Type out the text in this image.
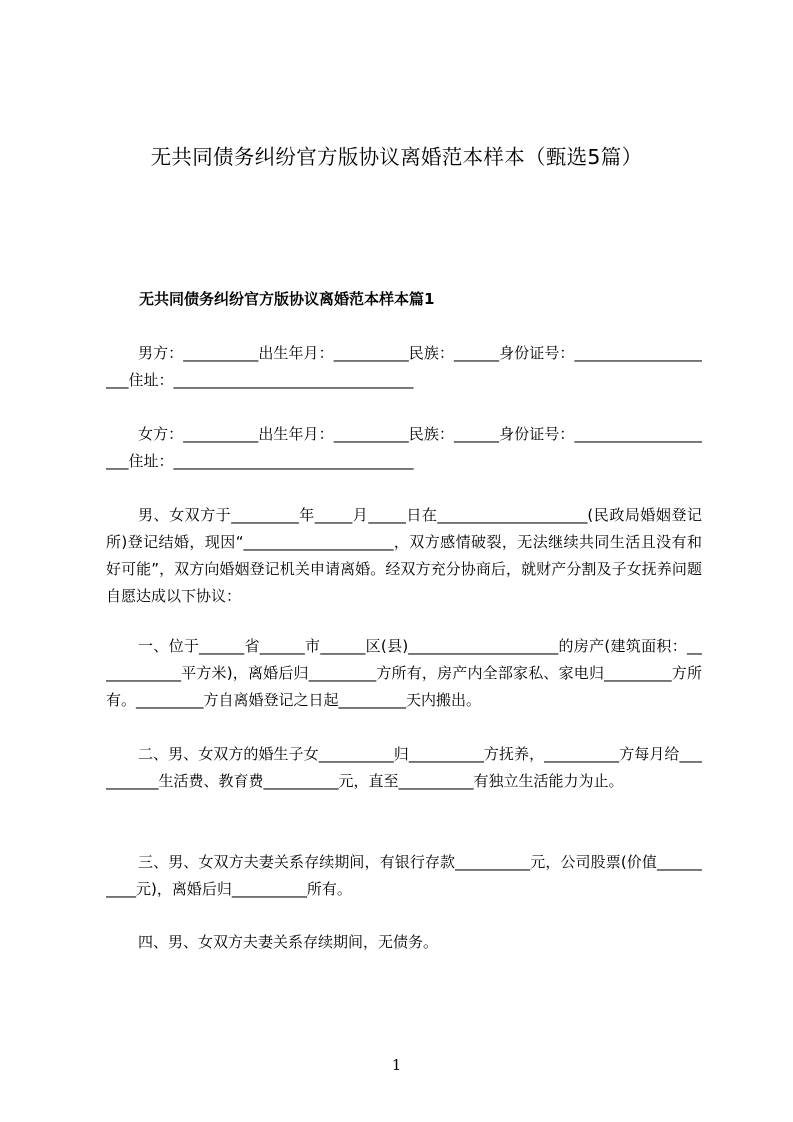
无共同债务纠纷官方版协议离婚范本样本（甄选5篇）
无共同债务纠纷官方版协议离婚范本样本篇1

男方：__________出生年月：__________民族：______身份证号：____________________住址：________________________________

女方：__________出生年月：__________民族：______身份证号：____________________住址：________________________________

男、女双方于_________年_____月_____日在____________________(民政局婚姻登记所)登记结婚，现因“____________________，双方感情破裂，无法继续共同生活且没有和好可能”，双方向婚姻登记机关申请离婚。经双方充分协商后，就财产分割及子女抚养问题自愿达成以下协议：

一、位于______省______市______区(县)____________________的房产(建筑面积：____________平方米)，离婚后归_________方所有，房产内全部家私、家电归_________方所有。_________方自离婚登记之日起_________天内搬出。

二、男、女双方的婚生子女__________归__________方抚养，__________方每月给__________生活费、教育费__________元，直至__________有独立生活能力为止。

三、男、女双方夫妻关系存续期间，有银行存款__________元，公司股票(价值__________元)，离婚后归__________所有。

四、男、女双方夫妻关系存续期间，无债务。

1
